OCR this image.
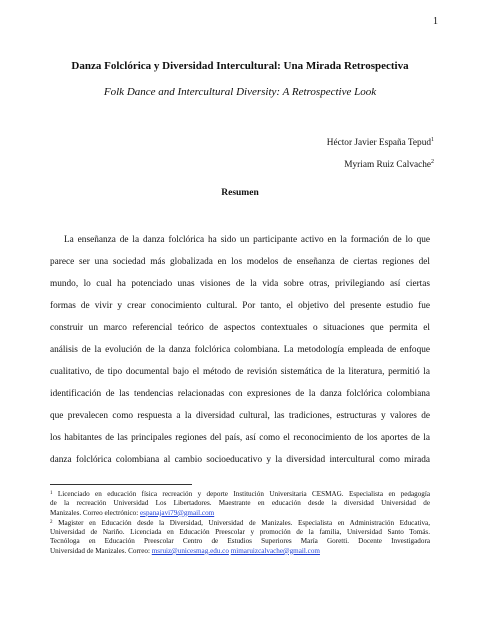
1
Danza Folclórica y Diversidad Intercultural: Una Mirada Retrospectiva
Folk Dance and Intercultural Diversity: A Retrospective Look
Héctor Javier España Tepud$^1$
Myriam Ruiz Calvache$^2$
Resumen
La enseñanza de la danza folclórica ha sido un participante activo en la formación de lo que
parece ser una sociedad más globalizada en los modelos de enseñanza de ciertas regiones del
mundo, lo cual ha potenciado unas visiones de la vida sobre otras, privilegiando así ciertas
formas de vivir y crear conocimiento cultural. Por tanto, el objetivo del presente estudio fue
construir un marco referencial teórico de aspectos contextuales o situaciones que permita el
análisis de la evolución de la danza folclórica colombiana. La metodología empleada de enfoque
cualitativo, de tipo documental bajo el método de revisión sistemática de la literatura, permitió la
identificación de las tendencias relacionadas con expresiones de la danza folclórica colombiana
que prevalecen como respuesta a la diversidad cultural, las tradiciones, estructuras y valores de
los habitantes de las principales regiones del país, así como el reconocimiento de los aportes de la
danza folclórica colombiana al cambio socioeducativo y la diversidad intercultural como mirada
$^1$ Licenciado en educación física recreación y deporte Institución Universitaria CESMAG. Especialista en pedagogía
de la recreación Universidad Los Libertadores. Maestrante en educación desde la diversidad Universidad de
Manizales. Correo electrónico: espanajavi79@gmail.com
$^2$ Magister en Educación desde la Diversidad, Universidad de Manizales. Especialista en Administración Educativa,
Universidad de Nariño. Licenciada en Educación Preescolar y promoción de la familia, Universidad Santo Tomás.
Tecnóloga en Educación Preescolar Centro de Estudios Superiores María Goretti. Docente Investigadora
Universidad de Manizales. Correo: msruiz@unicesmag.edu.co mimaruizcalvache@gmail.com
